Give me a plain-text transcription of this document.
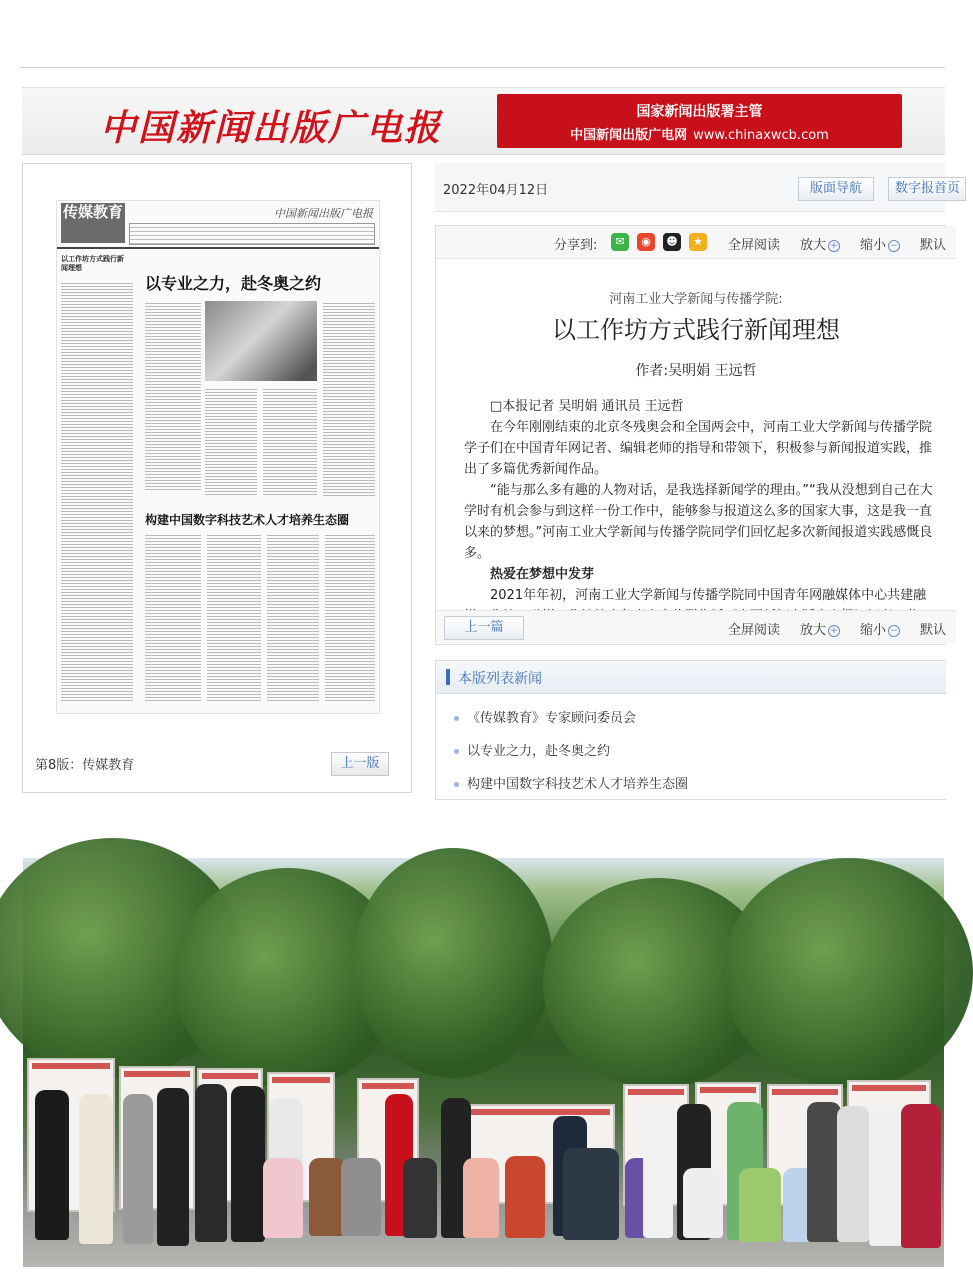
中国新闻出版广电报	国家新闻出版署主管
中国新闻出版广电网 www.chinaxwcb.com
传媒教育	中国新闻出版广电报
以工作坊方式践行新闻理想
以专业之力，赴冬奥之约
构建中国数字科技艺术人才培养生态圈
第8版：传媒教育	上一版
2022年04月12日	版面导航	数字报首页
分享到:	✉	◉	☻	★	全屏阅读 放大 + 缩小 − 默认
河南工业大学新闻与传播学院:
以工作坊方式践行新闻理想
作者:吴明娟 王远哲

□本报记者 吴明娟 通讯员 王远哲

在今年刚刚结束的北京冬残奥会和全国两会中，河南工业大学新闻与传播学院学子们在中国青年网记者、编辑老师的指导和带领下，积极参与新闻报道实践，推出了多篇优秀新闻作品。

“能与那么多有趣的人物对话，是我选择新闻学的理由。”“我从没想到自己在大学时有机会参与到这样一份工作中，能够参与报道这么多的国家大事，这是我一直以来的梦想。”河南工业大学新闻与传播学院同学们回忆起多次新闻报道实践感慨良多。

热爱在梦想中发芽

2021年年初，河南工业大学新闻与传播学院同中国青年网融媒体中心共建融

上一篇	全屏阅读 放大 + 缩小 − 默认
本版列表新闻
《传媒教育》专家顾问委员会
以专业之力，赴冬奥之约
构建中国数字科技艺术人才培养生态圈
